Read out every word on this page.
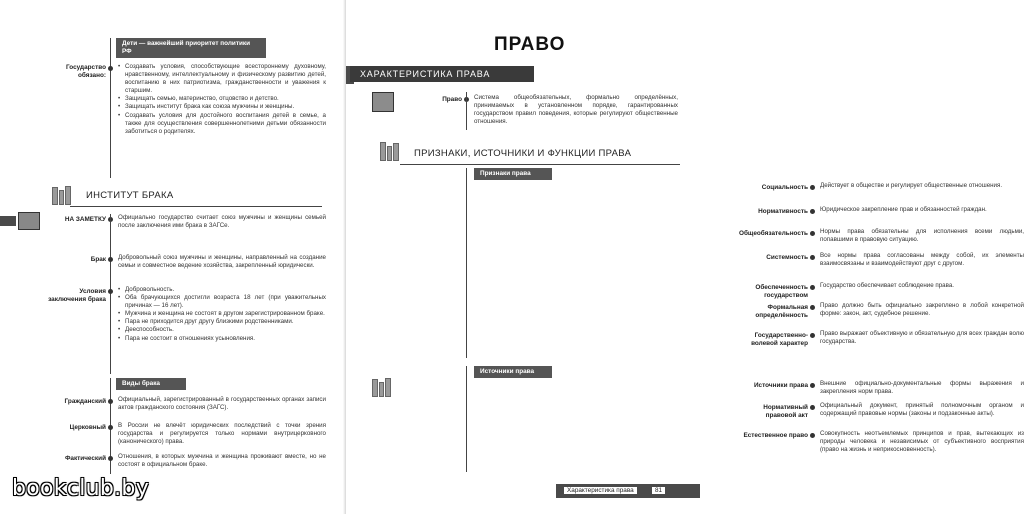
Дети — важнейший приоритет политики РФ
Государство обязано:
• Создавать условия, способствующие всестороннему духовному, нравственному, интеллектуальному и физическому развитию детей, воспитанию в них патриотизма, гражданственности и уважения к старшим.
• Защищать семью, материнство, отцовство и детство.
• Защищать институт брака как союза мужчины и женщины.
• Создавать условия для достойного воспитания детей в семье, а также для осуществления совершеннолетними детьми обязанности заботиться о родителях.
ИНСТИТУТ БРАКА
НА ЗАМЕТКУ Официально государство считает союз мужчины и женщины семьей после заключения ими брака в ЗАГСе.
Брак Добровольный союз мужчины и женщины, направленный на создание семьи и совместное ведение хозяйства, закрепленный юридически.
Условия заключения брака
• Добровольность.
• Оба брачующихся достигли возраста 18 лет (при уважительных причинах — 16 лет).
• Мужчина и женщина не состоят в другом зарегистрированном браке.
• Пара не приходится друг другу близкими родственниками.
• Дееспособность.
• Пара не состоит в отношениях усыновления.
Виды брака
Гражданский Официальный, зарегистрированный в государственных органах записи актов гражданского состояния (ЗАГС).
Церковный В России не влечёт юридических последствий с точки зрения государства и регулируется только нормами внутрицерковного (канонического) права.
Фактический Отношения, в которых мужчина и женщина проживают вместе, но не состоят в официальном браке.
ПРАВО
ХАРАКТЕРИСТИКА ПРАВА
Право Система общеобязательных, формально определённых, принимаемых в установленном порядке, гарантированных государством правил поведения, которые регулируют общественные отношения.
ПРИЗНАКИ, ИСТОЧНИКИ И ФУНКЦИИ ПРАВА
Признаки права
Социальность Действует в обществе и регулирует общественные отношения.
Нормативность Юридическое закрепление прав и обязанностей граждан.
Общеобязательность Нормы права обязательны для исполнения всеми людьми, попавшими в правовую ситуацию.
Системность Все нормы права согласованы между собой, их элементы взаимосвязаны и взаимодействуют друг с другом.
Обеспеченность государством
Государство обеспечивает соблюдение права.
Формальная определённость
Право должно быть официально закреплено в лобой конкретной форме: закон, акт, судебное решение.
Государственно-волевой характер
Право выражает объективную и обязательную для всех граждан волю государства.
Источники права
Источники права Внешние официально-документальные формы выражения и закрепления норм права.
Нормативный правовой акт
Официальный документ, принятый полномочным органом и содержащий правовые нормы (законы и подзаконные акты).
Естественное право Совокупность неотъемлемых принципов и прав, вытекающих из природы человека и независимых от субъективного восприятия (право на жизнь и неприкосновенность).
Характеристика права	81
bookclub.by
